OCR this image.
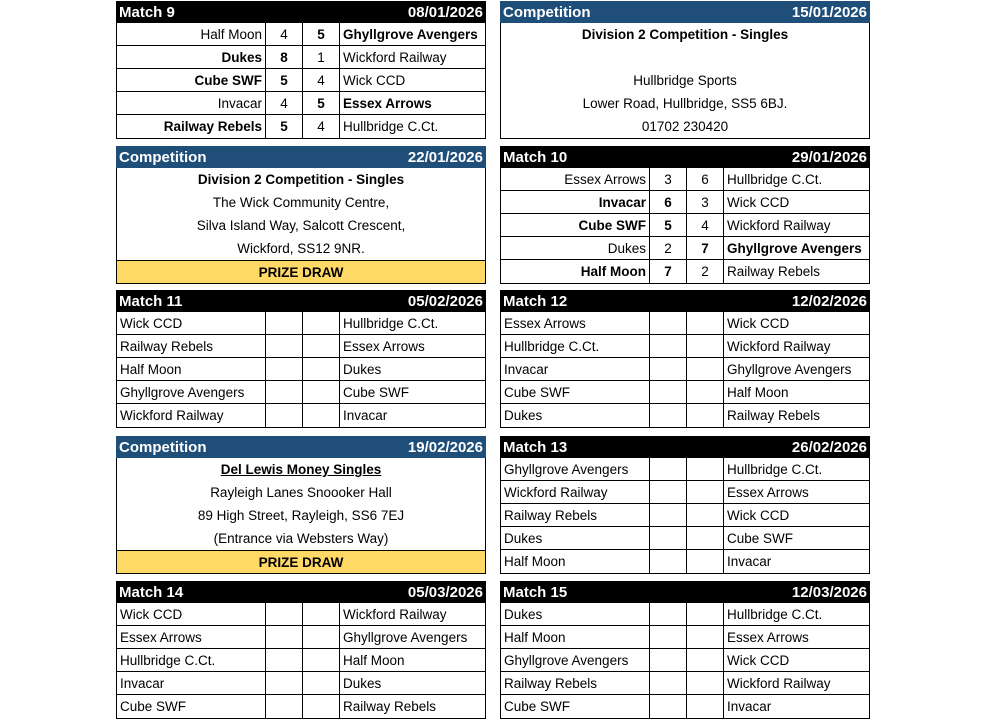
Match 9	08/01/2026
Half Moon	4	5	Ghyllgrove Avengers
Dukes	8	1	Wickford Railway
Cube SWF	5	4	Wick CCD
Invacar	4	5	Essex Arrows
Railway Rebels	5	4	Hullbridge C.Ct.
Competition	15/01/2026
Division 2 Competition - Singles
Hullbridge Sports
Lower Road, Hullbridge, SS5 6BJ.
01702 230420
Competition	22/01/2026
Division 2 Competition - Singles
The Wick Community Centre,
Silva Island Way, Salcott Crescent,
Wickford, SS12 9NR.
PRIZE DRAW
Match 10	29/01/2026
Essex Arrows	3	6	Hullbridge C.Ct.
Invacar	6	3	Wick CCD
Cube SWF	5	4	Wickford Railway
Dukes	2	7	Ghyllgrove Avengers
Half Moon	7	2	Railway Rebels
Match 11	05/02/2026
Wick CCD	Hullbridge C.Ct.
Railway Rebels	Essex Arrows
Half Moon	Dukes
Ghyllgrove Avengers	Cube SWF
Wickford Railway	Invacar
Match 12	12/02/2026
Essex Arrows	Wick CCD
Hullbridge C.Ct.	Wickford Railway
Invacar	Ghyllgrove Avengers
Cube SWF	Half Moon
Dukes	Railway Rebels
Competition	19/02/2026
Del Lewis Money Singles
Rayleigh Lanes Snoooker Hall
89 High Street, Rayleigh, SS6 7EJ
(Entrance via Websters Way)
PRIZE DRAW
Match 13	26/02/2026
Ghyllgrove Avengers	Hullbridge C.Ct.
Wickford Railway	Essex Arrows
Railway Rebels	Wick CCD
Dukes	Cube SWF
Half Moon	Invacar
Match 14	05/03/2026
Wick CCD	Wickford Railway
Essex Arrows	Ghyllgrove Avengers
Hullbridge C.Ct.	Half Moon
Invacar	Dukes
Cube SWF	Railway Rebels
Match 15	12/03/2026
Dukes	Hullbridge C.Ct.
Half Moon	Essex Arrows
Ghyllgrove Avengers	Wick CCD
Railway Rebels	Wickford Railway
Cube SWF	Invacar
